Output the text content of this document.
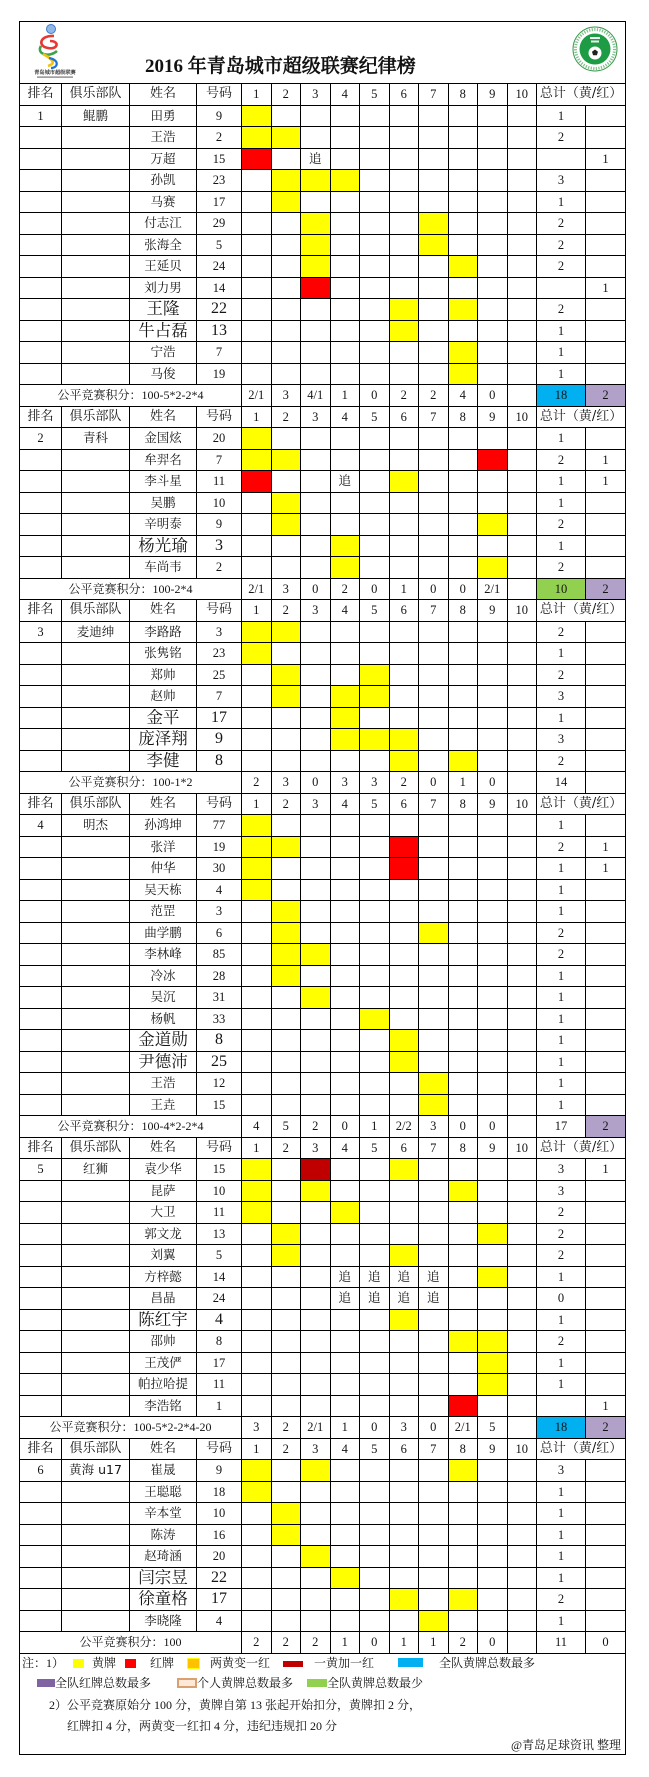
青岛城市超级联赛	2016 年青岛城市超级联赛纪律榜
排名	俱乐部队	姓名	号码	1	2	3	4	5	6	7	8	9	10	总计（黄/红）	
1	鲲鹏	田勇	9											1	
		王浩	2											2	
		万超	15			追									1
		孙凯	23											3	
		马赛	17											1	
		付志江	29											2	
		张海全	5											2	
		王延贝	24											2	
		刘力男	14												1
		王隆	22											2	
		牛占磊	13											1	
		宁浩	7											1	
		马俊	19											1	
公平竞赛积分：100-5*2-2*4				2/1	3	4/1	1	0	2	2	4	0		18	2
排名	俱乐部队	姓名	号码	1	2	3	4	5	6	7	8	9	10	总计（黄/红）	
2	青科	金国炫	20											1	
		牟羿名	7											2	1
		李斗星	11				追							1	1
		吴鹏	10											1	
		辛明泰	9											2	
		杨光瑜	3											1	
		车尚韦	2											2	
公平竞赛积分：100-2*4				2/1	3	0	2	0	1	0	0	2/1		10	2
排名	俱乐部队	姓名	号码	1	2	3	4	5	6	7	8	9	10	总计（黄/红）	
3	麦迪绅	李路路	3											2	
		张隽铭	23											1	
		郑帅	25											2	
		赵帅	7											3	
		金平	17											1	
		庞泽翔	9											3	
		李健	8											2	
公平竞赛积分：100-1*2				2	3	0	3	3	2	0	1	0		14	
排名	俱乐部队	姓名	号码	1	2	3	4	5	6	7	8	9	10	总计（黄/红）	
4	明杰	孙鸿坤	77											1	
		张洋	19											2	1
		仲华	30											1	1
		吴天栋	4											1	
		范罡	3											1	
		曲学鹏	6											2	
		李林峰	85											2	
		冷冰	28											1	
		吴沉	31											1	
		杨帆	33											1	
		金道勋	8											1	
		尹德沛	25											1	
		王浩	12											1	
		王垚	15											1	
公平竞赛积分：100-4*2-2*4				4	5	2	0	1	2/2	3	0	0		17	2
排名	俱乐部队	姓名	号码	1	2	3	4	5	6	7	8	9	10	总计（黄/红）	
5	红狮	袁少华	15											3	1
		昆萨	10											3	
		大卫	11											2	
		郭文龙	13											2	
		刘翼	5											2	
		方梓懿	14				追	追	追	追				1	
		昌晶	24				追	追	追	追				0	
		陈红宇	4											1	
		邵帅	8											2	
		王茂俨	17											1	
		帕拉哈提	11											1	
		李浩铭	1												1
公平竞赛积分：100-5*2-2*4-20				3	2	2/1	1	0	3	0	2/1	5		18	2
排名	俱乐部队	姓名	号码	1	2	3	4	5	6	7	8	9	10	总计（黄/红）	
6	黄海 u17	崔晟	9											3	
		王聪聪	18											1	
		辛本堂	10											1	
		陈涛	16											1	
		赵琦涵	20											1	
		闫宗昱	22											1	
		徐童格	17											2	
		李晓隆	4											1	
公平竞赛积分：100				2	2	2	1	0	1	1	2	0		11	0
注：1） 黄牌	红牌	两黄变一红	一黄加一红	全队黄牌总数最多
全队红牌总数最多	个人黄牌总数最多	全队黄牌总数最少
2）公平竞赛原始分 100 分，黄牌自第 13 张起开始扣分，黄牌扣 2 分，
红牌扣 4 分，两黄变一红扣 4 分，违纪违规扣 20 分
@青岛足球资讯 整理
